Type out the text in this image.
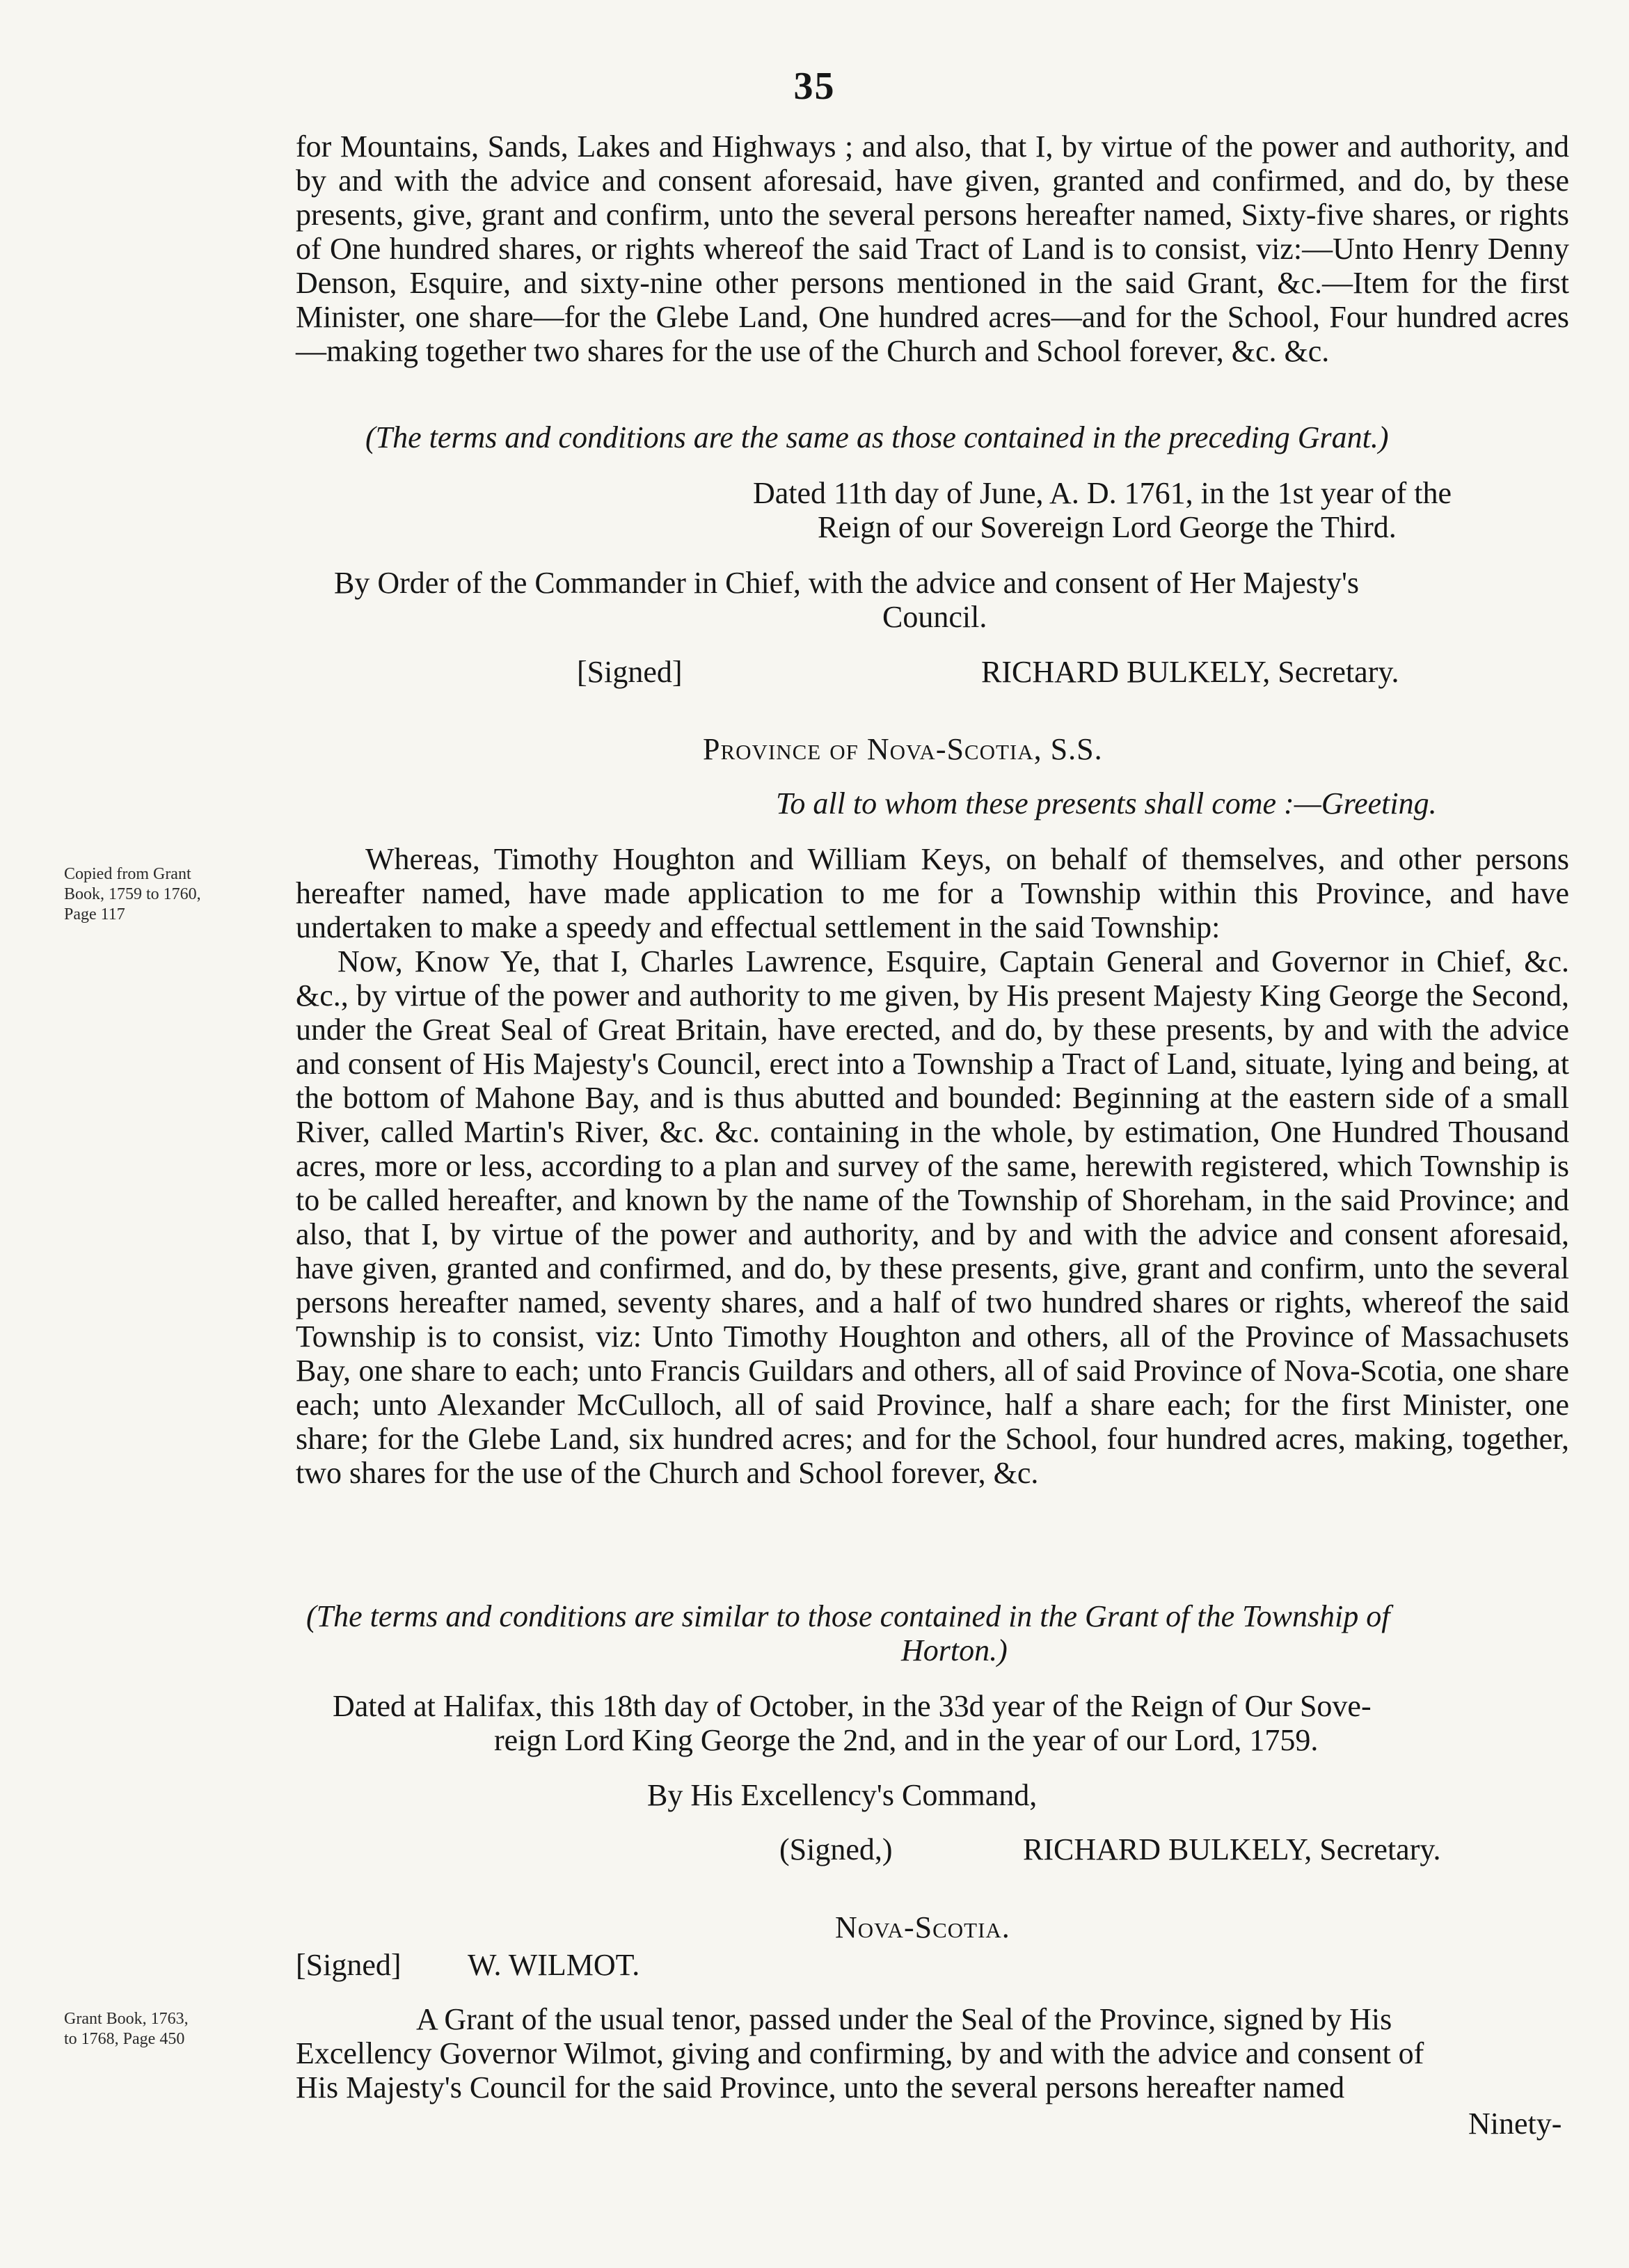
35

for Mountains, Sands, Lakes and Highways ; and also, that I, by virtue of the power and authority, and by and with the advice and consent aforesaid, have given, granted and confirmed, and do, by these presents, give, grant and confirm, unto the several persons hereafter named, Sixty-five shares, or rights of One hundred shares, or rights whereof the said Tract of Land is to consist, viz:—Unto Henry Denny Denson, Esquire, and sixty-nine other persons mentioned in the said Grant, &c.—Item for the first Minister, one share—for the Glebe Land, One hundred acres—and for the School, Four hundred acres—making together two shares for the use of the Church and School forever, &c. &c.

(The terms and conditions are the same as those contained in the preceding Grant.)
Dated 11th day of June, A. D. 1761, in the 1st year of the
Reign of our Sovereign Lord George the Third.
By Order of the Commander in Chief, with the advice and consent of Her Majesty's
Council.
[Signed]	RICHARD BULKELY, Secretary.
Province of Nova-Scotia, S.S.
To all to whom these presents shall come :—Greeting.
Copied from Grant
Book, 1759 to 1760,
Page 117

Whereas, Timothy Houghton and William Keys, on behalf of themselves, and other persons hereafter named, have made application to me for a Township within this Province, and have undertaken to make a speedy and effectual settlement in the said Township:

Now, Know Ye, that I, Charles Lawrence, Esquire, Captain General and Governor in Chief, &c. &c., by virtue of the power and authority to me given, by His present Majesty King George the Second, under the Great Seal of Great Britain, have erected, and do, by these presents, by and with the advice and consent of His Majesty's Council, erect into a Township a Tract of Land, situate, lying and being, at the bottom of Mahone Bay, and is thus abutted and bounded: Beginning at the eastern side of a small River, called Martin's River, &c. &c. containing in the whole, by estimation, One Hundred Thousand acres, more or less, according to a plan and survey of the same, herewith registered, which Township is to be called hereafter, and known by the name of the Township of Shoreham, in the said Province; and also, that I, by virtue of the power and authority, and by and with the advice and consent aforesaid, have given, granted and confirmed, and do, by these presents, give, grant and confirm, unto the several persons hereafter named, seventy shares, and a half of two hundred shares or rights, whereof the said Township is to consist, viz: Unto Timothy Houghton and others, all of the Province of Massachusets Bay, one share to each; unto Francis Guildars and others, all of said Province of Nova-Scotia, one share each; unto Alexander McCulloch, all of said Province, half a share each; for the first Minister, one share; for the Glebe Land, six hundred acres; and for the School, four hundred acres, making, together, two shares for the use of the Church and School forever, &c.

(The terms and conditions are similar to those contained in the Grant of the Township of
Horton.)
Dated at Halifax, this 18th day of October, in the 33d year of the Reign of Our Sove-
reign Lord King George the 2nd, and in the year of our Lord, 1759.
By His Excellency's Command,
(Signed,)	RICHARD BULKELY, Secretary.
Nova-Scotia.
[Signed] W. WILMOT.
Grant Book, 1763,
to 1768, Page 450
A Grant of the usual tenor, passed under the Seal of the Province, signed by His
Excellency Governor Wilmot, giving and confirming, by and with the advice and consent of
His Majesty's Council for the said Province, unto the several persons hereafter named
Ninety-
